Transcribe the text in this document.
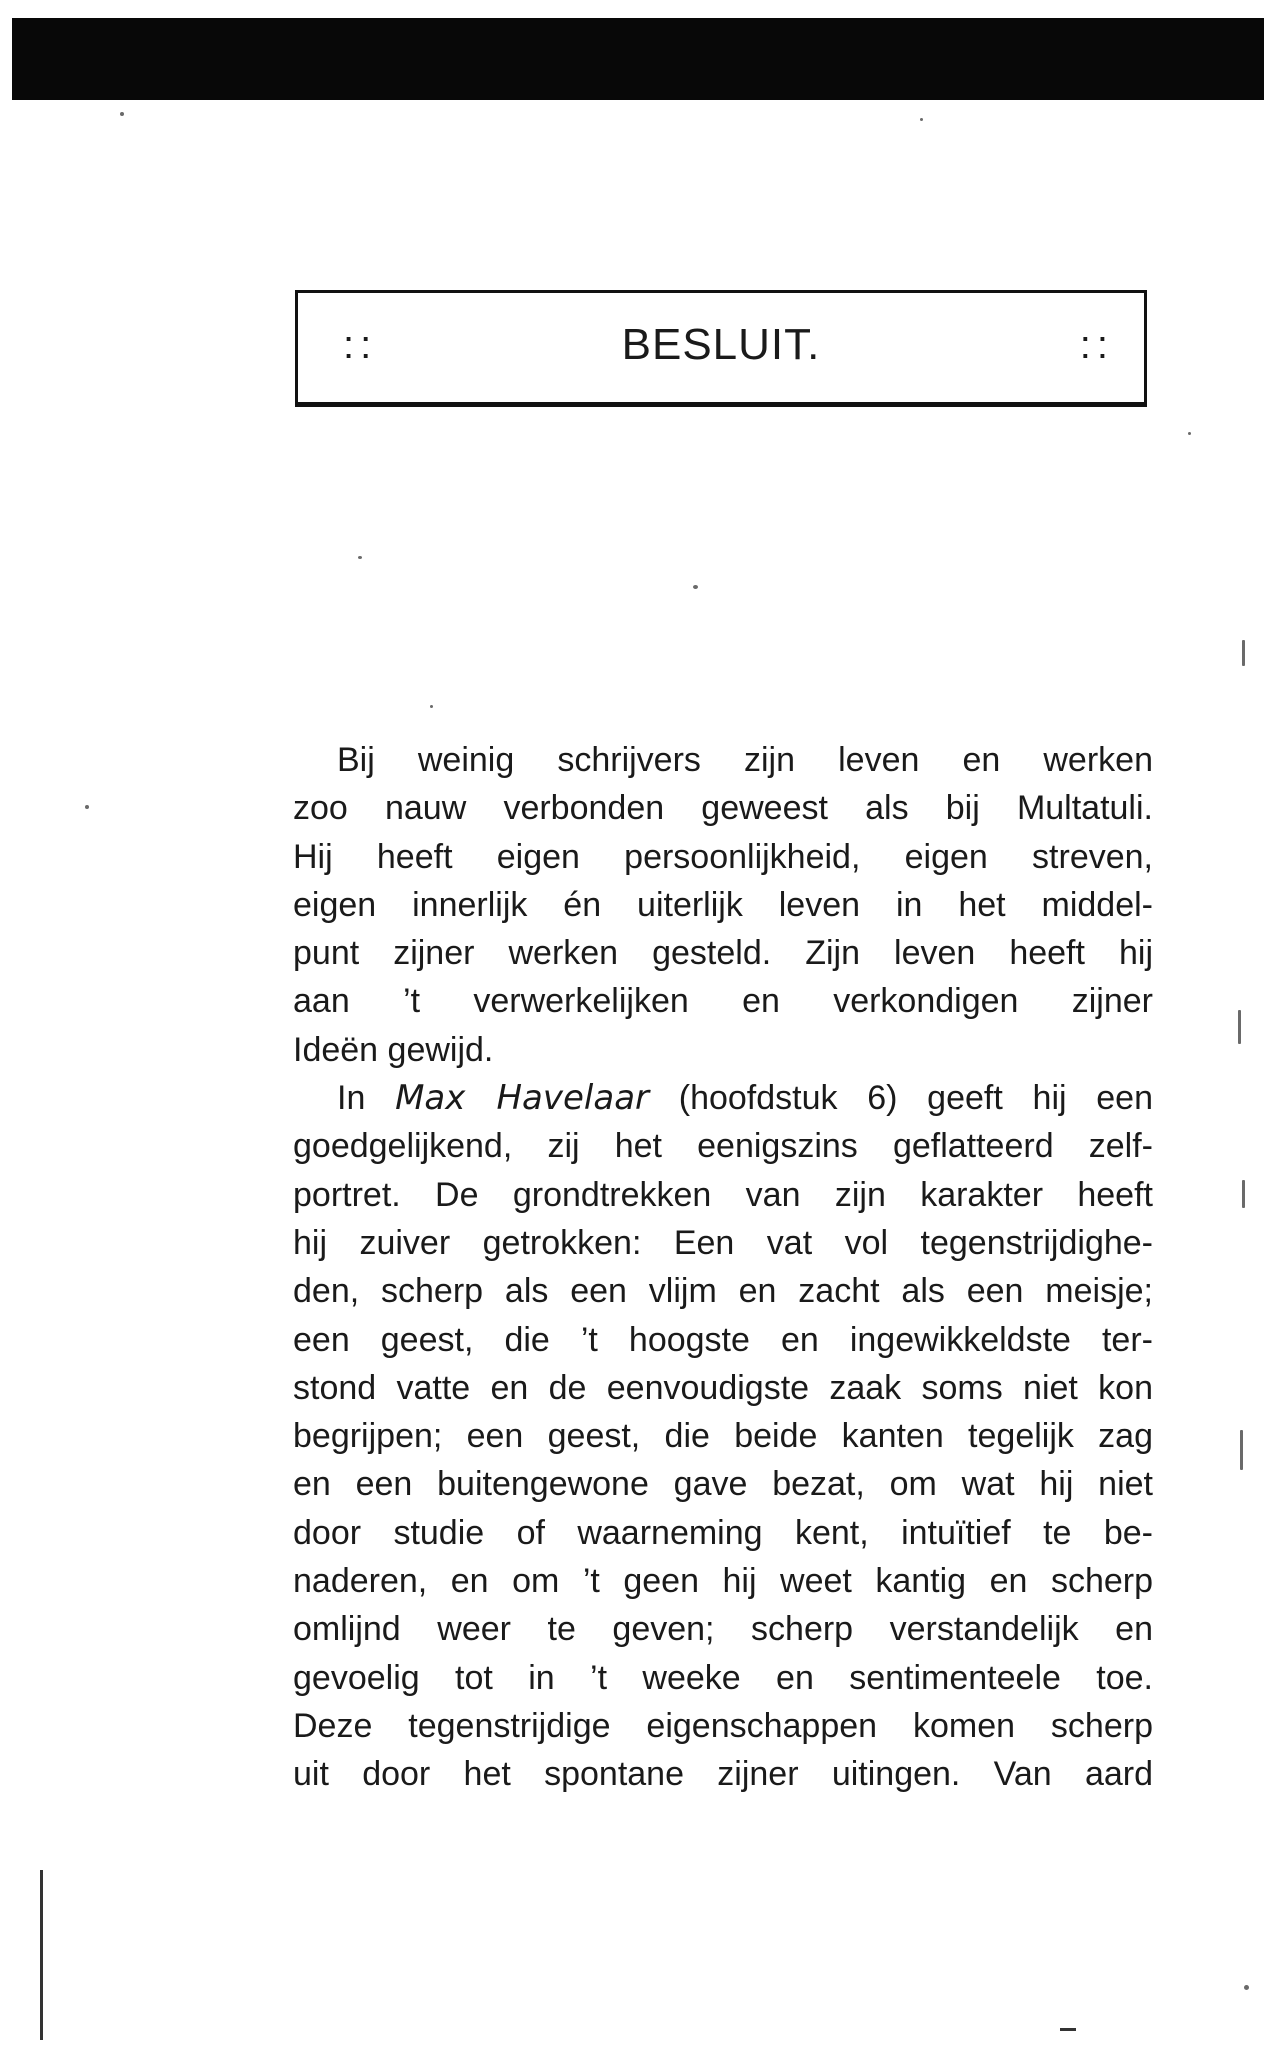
::	BESLUIT.	::
Bij weinig schrijvers zijn leven en werken
zoo nauw verbonden geweest als bij Multatuli.
Hij heeft eigen persoonlijkheid, eigen streven,
eigen innerlijk én uiterlijk leven in het middel-
punt zijner werken gesteld. Zijn leven heeft hij
aan ’t verwerkelijken en verkondigen zijner
Ideën gewijd.
In Max Havelaar (hoofdstuk 6) geeft hij een
goedgelijkend, zij het eenigszins geflatteerd zelf-
portret. De grondtrekken van zijn karakter heeft
hij zuiver getrokken: Een vat vol tegenstrijdighe-
den, scherp als een vlijm en zacht als een meisje;
een geest, die ’t hoogste en ingewikkeldste ter-
stond vatte en de eenvoudigste zaak soms niet kon
begrijpen; een geest, die beide kanten tegelijk zag
en een buitengewone gave bezat, om wat hij niet
door studie of waarneming kent, intuïtief te be-
naderen, en om ’t geen hij weet kantig en scherp
omlijnd weer te geven; scherp verstandelijk en
gevoelig tot in ’t weeke en sentimenteele toe.
Deze tegenstrijdige eigenschappen komen scherp
uit door het spontane zijner uitingen. Van aard
